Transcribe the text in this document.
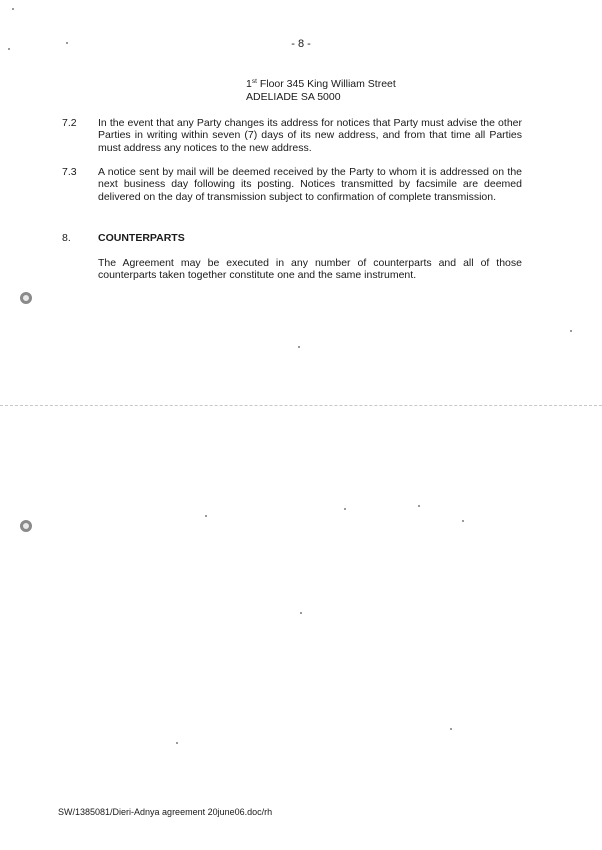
- 8 -
1st Floor 345 King William Street
ADELIADE SA 5000
7.2 In the event that any Party changes its address for notices that Party must advise the other Parties in writing within seven (7) days of its new address, and from that time all Parties must address any notices to the new address.
7.3 A notice sent by mail will be deemed received by the Party to whom it is addressed on the next business day following its posting. Notices transmitted by facsimile are deemed delivered on the day of transmission subject to confirmation of complete transmission.
8.	COUNTERPARTS
The Agreement may be executed in any number of counterparts and all of those counterparts taken together constitute one and the same instrument.
SW/1385081/Dieri-Adnya agreement 20june06.doc/rh
